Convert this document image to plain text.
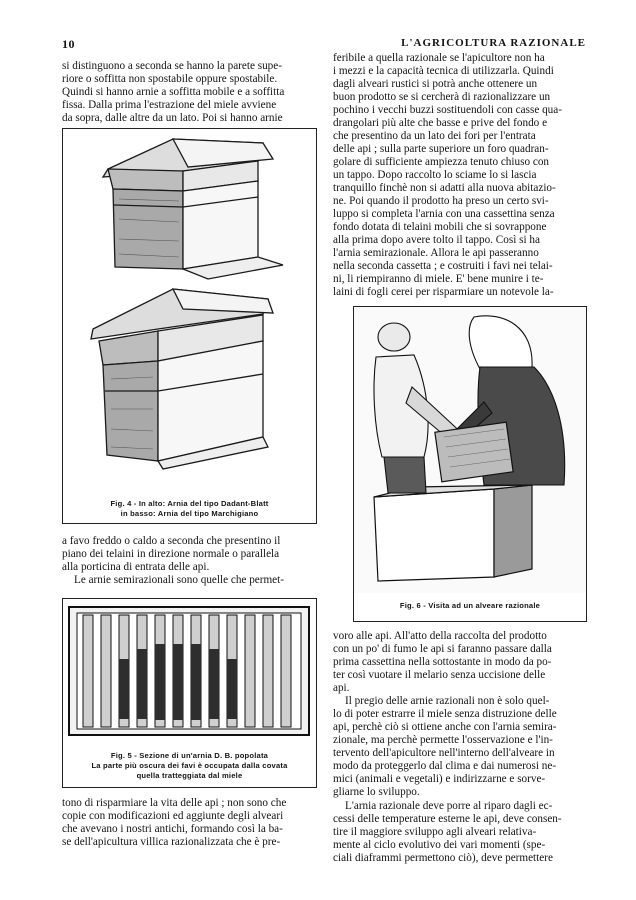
10	L'AGRICOLTURA RAZIONALE

si distinguono a seconda se hanno la parete supe-

riore o soffitta non spostabile oppure spostabile.

Quindi si hanno arnie a soffitta mobile e a soffitta

fissa. Dalla prima l'estrazione del miele avviene

da sopra, dalle altre da un lato. Poi si hanno arnie

Fig. 4 - In alto: Arnia del tipo Dadant-Blatt
in basso: Arnia del tipo Marchigiano

a favo freddo o caldo a seconda che presentino il

piano dei telaini in direzione normale o parallela

alla porticina di entrata delle api.

Le arnie semirazionali sono quelle che permet-

Fig. 5 - Sezione di un'arnia D. B. popolata
La parte più oscura dei favi è occupata dalla covata
quella tratteggiata dal miele

tono di risparmiare la vita delle api ; non sono che

copie con modificazioni ed aggiunte degli alveari

che avevano i nostri antichi, formando così la ba-

se dell'apicultura villica razionalizzata che è pre-

feribile a quella razionale se l'apicultore non ha

i mezzi e la capacità tecnica di utilizzarla. Quindi

dagli alveari rustici si potrà anche ottenere un

buon prodotto se si cercherà di razionalizzare un

pochino i vecchi buzzi sostituendoli con casse qua-

drangolari più alte che basse e prive del fondo e

che presentino da un lato dei fori per l'entrata

delle api ; sulla parte superiore un foro quadran-

golare di sufficiente ampiezza tenuto chiuso con

un tappo. Dopo raccolto lo sciame lo si lascia

tranquillo finchè non si adatti alla nuova abitazio-

ne. Poi quando il prodotto ha preso un certo svi-

luppo si completa l'arnia con una cassettina senza

fondo dotata di telaini mobili che si sovrappone

alla prima dopo avere tolto il tappo. Così si ha

l'arnia semirazionale. Allora le api passeranno

nella seconda cassetta ; e costruiti i favi nei telai-

ni, li riempiranno di miele. E' bene munire i te-

laini di fogli cerei per risparmiare un notevole la-

Fig. 6 - Visita ad un alveare razionale

voro alle api. All'atto della raccolta del prodotto

con un po' di fumo le api si faranno passare dalla

prima cassettina nella sottostante in modo da po-

ter così vuotare il melario senza uccisione delle

api.

Il pregio delle arnie razionali non è solo quel-

lo di poter estrarre il miele senza distruzione delle

api, perchè ciò si ottiene anche con l'arnia semira-

zionale, ma perchè permette l'osservazione e l'in-

tervento dell'apicultore nell'interno dell'alveare in

modo da proteggerlo dal clima e dai numerosi ne-

mici (animali e vegetali) e indirizzarne e sorve-

gliarne lo sviluppo.

L'arnia razionale deve porre al riparo dagli ec-

cessi delle temperature esterne le api, deve consen-

tire il maggiore sviluppo agli alveari relativa-

mente al ciclo evolutivo dei vari momenti (spe-

ciali diaframmi permettono ciò), deve permettere
